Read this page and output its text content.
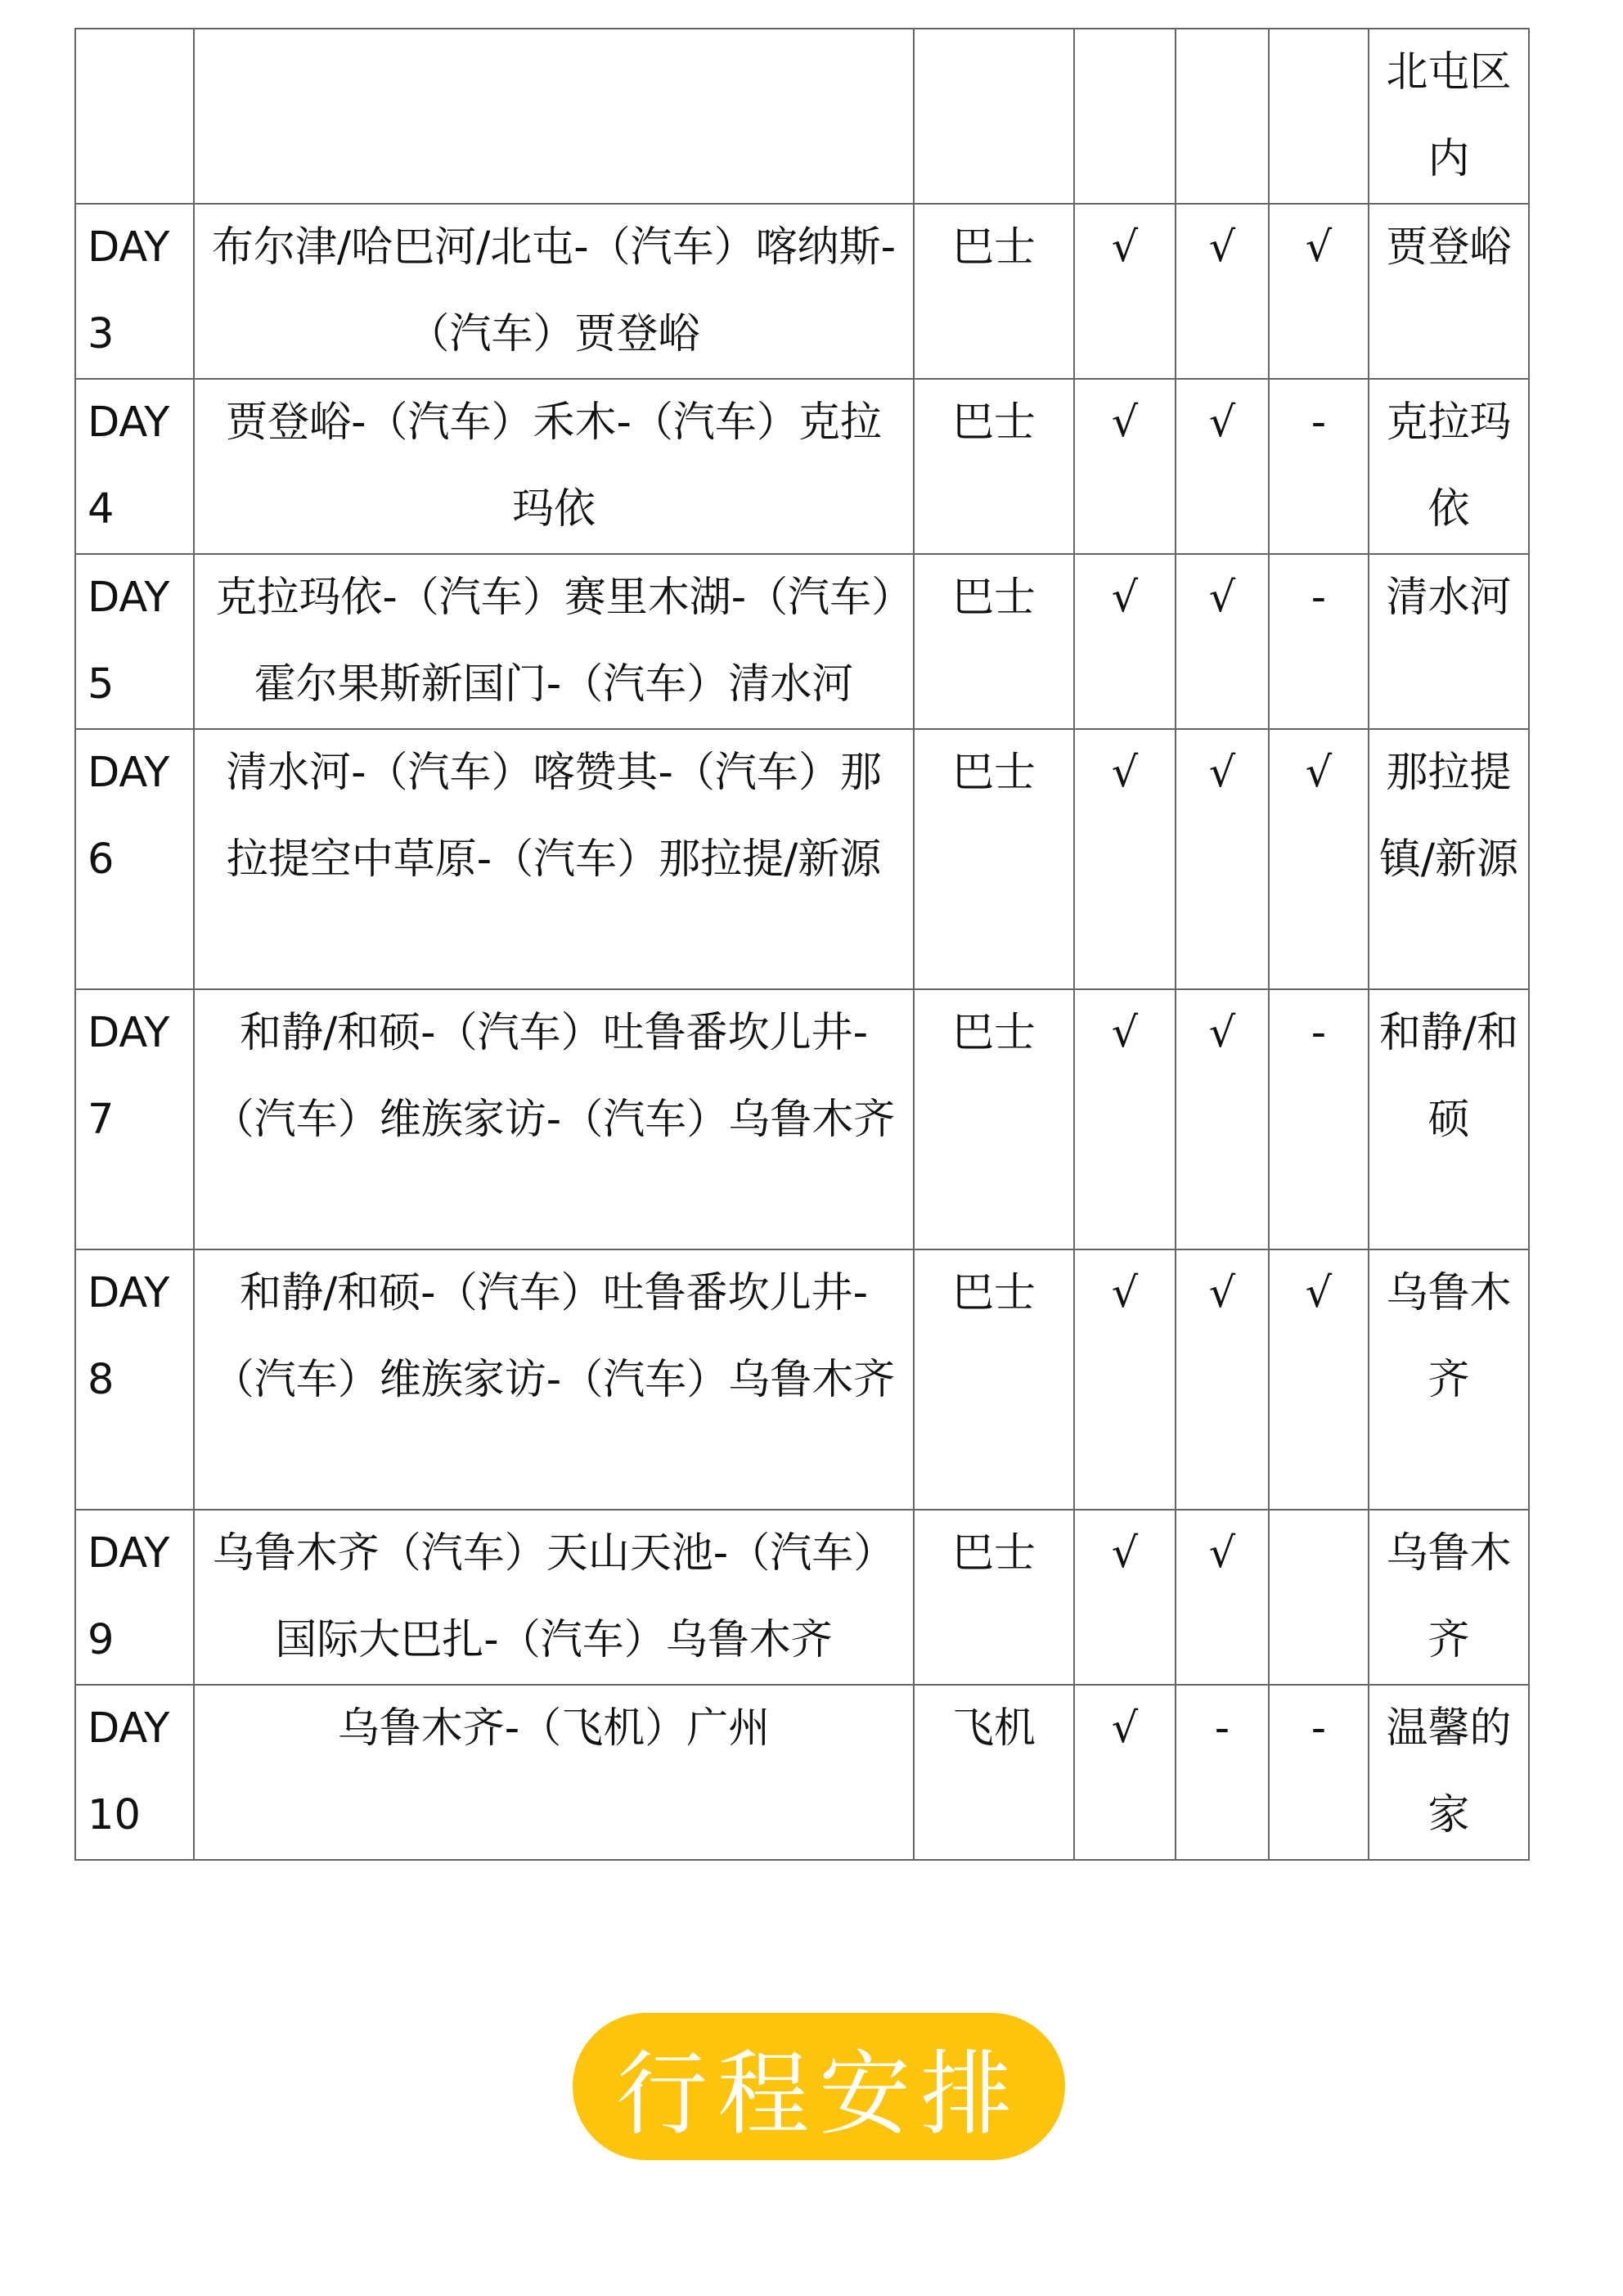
						北屯区内

DAY3	布尔津/哈巴河/北屯-（汽车）喀纳斯-（汽车）贾登峪	巴士	√	√	√	贾登峪

DAY4	贾登峪-（汽车）禾木-（汽车）克拉玛依	巴士	√	√	-	克拉玛依

DAY5	克拉玛依-（汽车）赛里木湖-（汽车）霍尔果斯新国门-（汽车）清水河	巴士	√	√	-	清水河

DAY6	清水河-（汽车）喀赞其-（汽车）那拉提空中草原-（汽车）那拉提/新源	巴士	√	√	√	那拉提镇/新源

DAY7	和静/和硕-（汽车）吐鲁番坎儿井-（汽车）维族家访-（汽车）乌鲁木齐	巴士	√	√	-	和静/和硕

DAY8	和静/和硕-（汽车）吐鲁番坎儿井-（汽车）维族家访-（汽车）乌鲁木齐	巴士	√	√	√	乌鲁木齐

DAY9	乌鲁木齐（汽车）天山天池-（汽车）国际大巴扎-（汽车）乌鲁木齐	巴士	√	√		乌鲁木齐

DAY10	乌鲁木齐-（飞机）广州	飞机	√	-	-	温馨的家
行程安排
